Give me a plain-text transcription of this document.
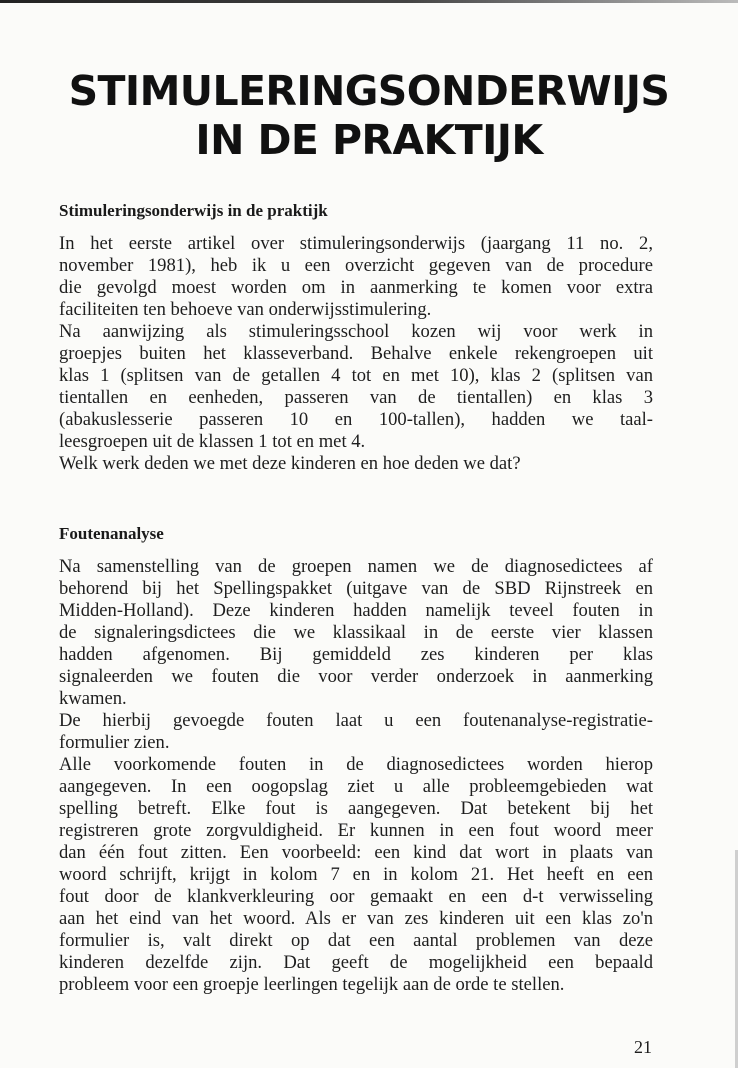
STIMULERINGSONDERWIJS
IN DE PRAKTIJK
Stimuleringsonderwijs in de praktijk
In het eerste artikel over stimuleringsonderwijs (jaargang 11 no. 2,
november 1981), heb ik u een overzicht gegeven van de procedure
die gevolgd moest worden om in aanmerking te komen voor extra
faciliteiten ten behoeve van onderwijsstimulering.
Na aanwijzing als stimuleringsschool kozen wij voor werk in
groepjes buiten het klasseverband. Behalve enkele rekengroepen uit
klas 1 (splitsen van de getallen 4 tot en met 10), klas 2 (splitsen van
tientallen en eenheden, passeren van de tientallen) en klas 3
(abakuslesserie passeren 10 en 100-tallen), hadden we taal-
leesgroepen uit de klassen 1 tot en met 4.
Welk werk deden we met deze kinderen en hoe deden we dat?
Foutenanalyse
Na samenstelling van de groepen namen we de diagnosedictees af
behorend bij het Spellingspakket (uitgave van de SBD Rijnstreek en
Midden-Holland). Deze kinderen hadden namelijk teveel fouten in
de signaleringsdictees die we klassikaal in de eerste vier klassen
hadden afgenomen. Bij gemiddeld zes kinderen per klas
signaleerden we fouten die voor verder onderzoek in aanmerking
kwamen.
De hierbij gevoegde fouten laat u een foutenanalyse-registratie-
formulier zien.
Alle voorkomende fouten in de diagnosedictees worden hierop
aangegeven. In een oogopslag ziet u alle probleemgebieden wat
spelling betreft. Elke fout is aangegeven. Dat betekent bij het
registreren grote zorgvuldigheid. Er kunnen in een fout woord meer
dan één fout zitten. Een voorbeeld: een kind dat wort in plaats van
woord schrijft, krijgt in kolom 7 en in kolom 21. Het heeft en een
fout door de klankverkleuring oor gemaakt en een d-t verwisseling
aan het eind van het woord. Als er van zes kinderen uit een klas zo'n
formulier is, valt direkt op dat een aantal problemen van deze
kinderen dezelfde zijn. Dat geeft de mogelijkheid een bepaald
probleem voor een groepje leerlingen tegelijk aan de orde te stellen.
21
